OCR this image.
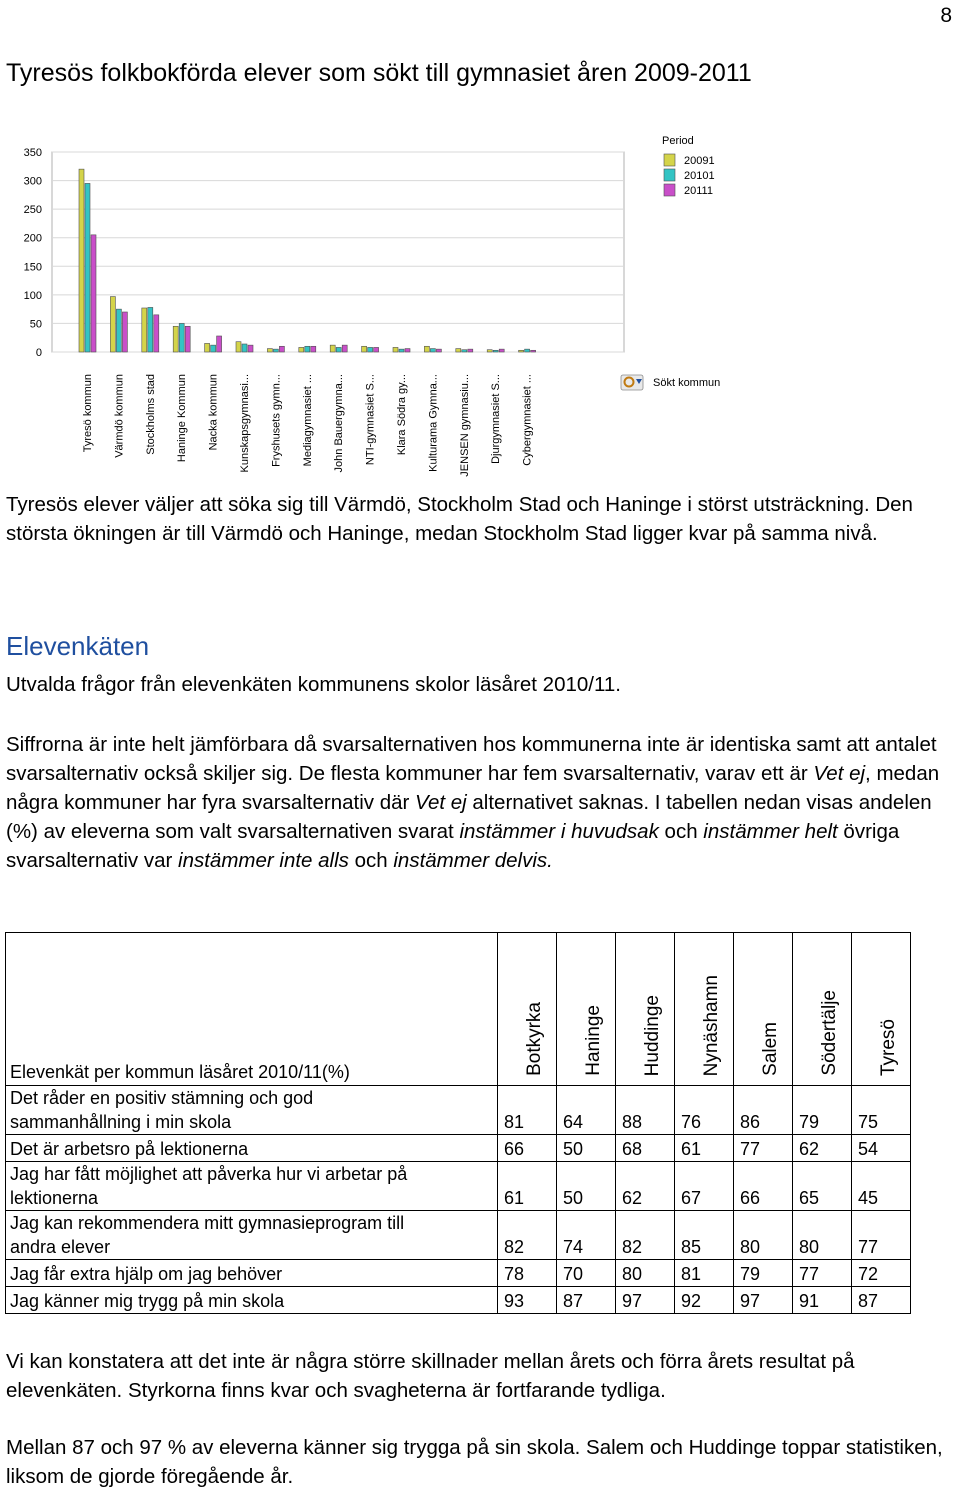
8
Tyresös folkbokförda elever som sökt till gymnasiet åren 2009-2011
0
50
100
150
200
250
300
350
Tyresö kommun Värmdö kommun Stockholms stad Haninge Kommun Nacka kommun Kunskapsgymnasi... Fryshusets gymn... Mediagymnasiet ... John Bauergymna... NTI-gymnasiet S... Klara Södra gy... Kulturama Gymna... JENSEN gymnasiu... Djurgymnasiet S... Cybergymnasiet ...
Period
20091
20101
20111
Sökt kommun
Tyresös elever väljer att söka sig till Värmdö, Stockholm Stad och Haninge i störst utsträckning. Den största ökningen är till Värmdö och Haninge, medan Stockholm Stad ligger kvar på samma nivå.
Elevenkäten
Utvalda frågor från elevenkäten kommunens skolor läsåret 2010/11.
Siffrorna är inte helt jämförbara då svarsalternativen hos kommunerna inte är identiska samt att antalet svarsalternativ också skiljer sig. De flesta kommuner har fem svarsalternativ, varav ett är Vet ej, medan några kommuner har fyra svarsalternativ där Vet ej alternativet saknas. I tabellen nedan visas andelen (%) av eleverna som valt svarsalternativen svarat instämmer i huvudsak och instämmer helt övriga svarsalternativ var instämmer inte alls och instämmer delvis.
Elevenkät per kommun läsåret 2010/11(%)	Botkyrka	Haninge	Huddinge	Nynäshamn	Salem	Södertälje	Tyresö
Det råder en positiv stämning och god
sammanhållning i min skola	81	64	88	76	86	79	75
Det är arbetsro på lektionerna	66	50	68	61	77	62	54
Jag har fått möjlighet att påverka hur vi arbetar på
lektionerna	61	50	62	67	66	65	45
Jag kan rekommendera mitt gymnasieprogram till
andra elever	82	74	82	85	80	80	77
Jag får extra hjälp om jag behöver	78	70	80	81	79	77	72
Jag känner mig trygg på min skola	93	87	97	92	97	91	87
Vi kan konstatera att det inte är några större skillnader mellan årets och förra årets resultat på elevenkäten. Styrkorna finns kvar och svagheterna är fortfarande tydliga.
Mellan 87 och 97 % av eleverna känner sig trygga på sin skola. Salem och Huddinge toppar statistiken, liksom de gjorde föregående år.
